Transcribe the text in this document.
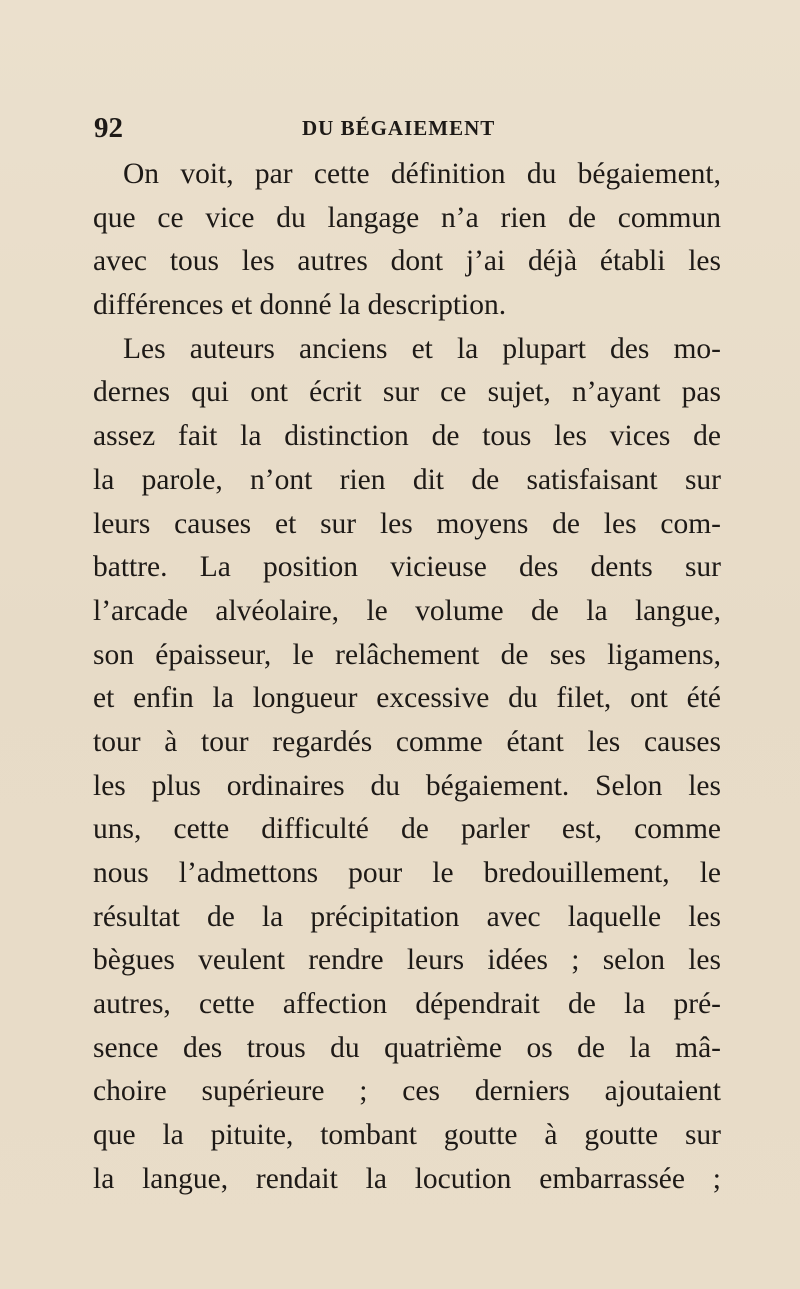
92	DU BÉGAIEMENT
On voit, par cette définition du bégaiement,
que ce vice du langage n’a rien de commun
avec tous les autres dont j’ai déjà établi les
différences et donné la description.
Les auteurs anciens et la plupart des mo-
dernes qui ont écrit sur ce sujet, n’ayant pas
assez fait la distinction de tous les vices de
la parole, n’ont rien dit de satisfaisant sur
leurs causes et sur les moyens de les com-
battre. La position vicieuse des dents sur
l’arcade alvéolaire, le volume de la langue,
son épaisseur, le relâchement de ses ligamens,
et enfin la longueur excessive du filet, ont été
tour à tour regardés comme étant les causes
les plus ordinaires du bégaiement. Selon les
uns, cette difficulté de parler est, comme
nous l’admettons pour le bredouillement, le
résultat de la précipitation avec laquelle les
bègues veulent rendre leurs idées ; selon les
autres, cette affection dépendrait de la pré-
sence des trous du quatrième os de la mâ-
choire supérieure ; ces derniers ajoutaient
que la pituite, tombant goutte à goutte sur
la langue, rendait la locution embarrassée ;
